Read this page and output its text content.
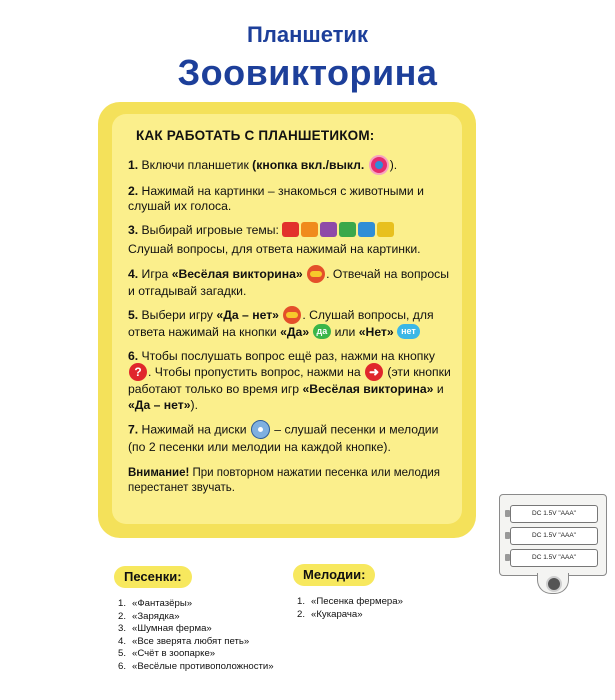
Планшетик
Зоовикторина
КАК РАБОТАТЬ С ПЛАНШЕТИКОМ:

1. Включи планшетик (кнопка вкл./выкл. ).

2. Нажимай на картинки – знакомься с животными и слушай их голоса.

3. Выбирай игровые темы:

Слушай вопросы, для ответа нажимай на картинки.

4. Игра «Весёлая викторина» . Отвечай на вопросы и отгадывай загадки.

5. Выбери игру «Да – нет» . Слушай вопросы, для ответа нажимай на кнопки «Да» да или «Нет» нет

6. Чтобы послушать вопрос ещё раз, нажми на кнопку ? . Чтобы пропустить вопрос, нажми на ➜ (эти кнопки работают только во время игр «Весёлая викторина» и «Да – нет»).

7. Нажимай на диски  – слушай песенки и мелодии (по 2 песенки или мелодии на каждой кнопке).

Внимание! При повторном нажатии песенка или мелодия перестанет звучать.

Песенки:
1. «Фантазёры»
2. «Зарядка»
3. «Шумная ферма»
4. «Все зверята любят петь»
5. «Счёт в зоопарке»
6. «Весёлые противоположности»
Мелодии:
1. «Песенка фермера»
2. «Кукарача»
DC 1.5V "AAA"
DC 1.5V "AAA"
DC 1.5V "AAA"
